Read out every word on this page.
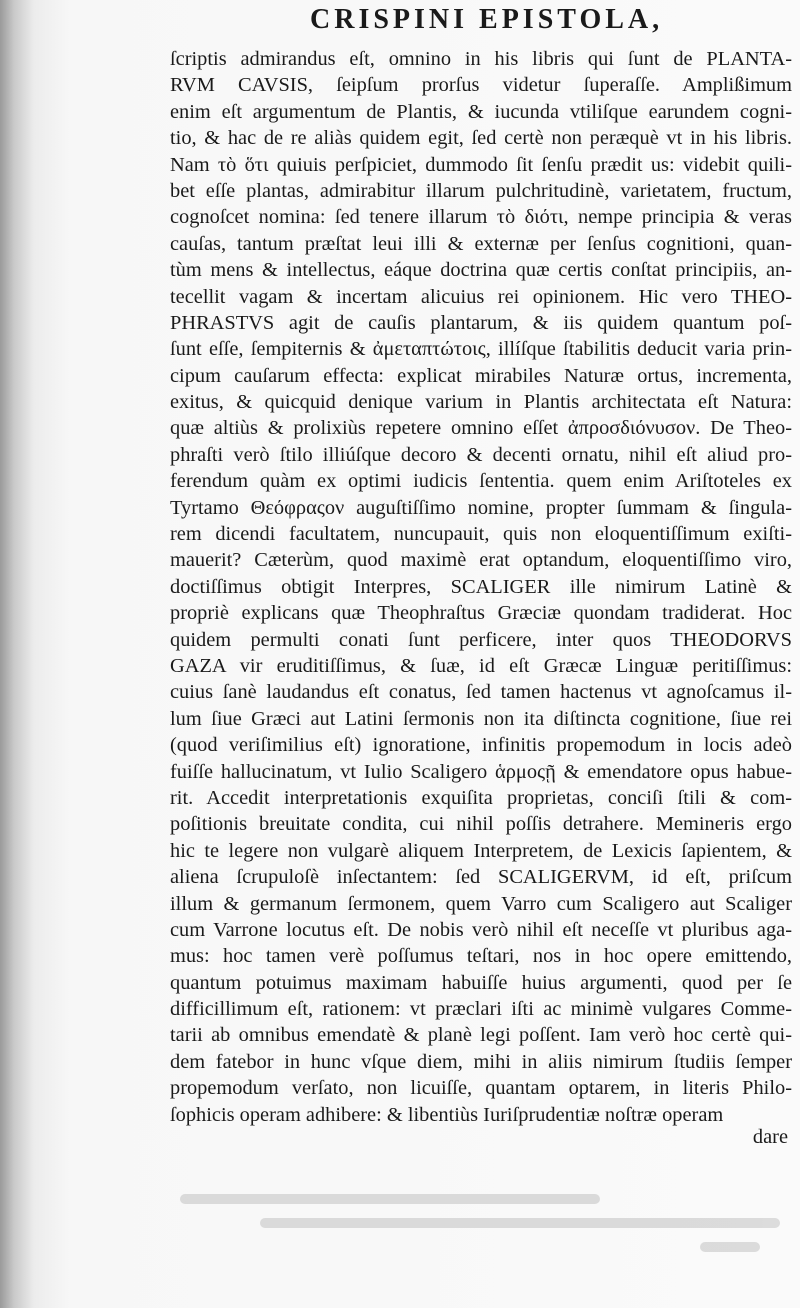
CRISPINI EPISTOLA,
ſcriptis admirandus eſt, omnino in his libris qui ſunt de PLANTA-
RVM CAVSIS, ſeipſum prorſus videtur ſuperaſſe. Amplißimum
enim eſt argumentum de Plantis, & iucunda vtiliſque earundem cogni-
tio, & hac de re aliàs quidem egit, ſed certè non peræquè vt in his libris.
Nam τὸ ὅτι quiuis perſpiciet, dummodo ſit ſenſu prædit us: videbit quili-
bet eſſe plantas, admirabitur illarum pulchritudinè, varietatem, fructum,
cognoſcet nomina: ſed tenere illarum τὸ διότι, nempe principia & veras
cauſas, tantum præſtat leui illi & externæ per ſenſus cognitioni, quan-
tùm mens & intellectus, eáque doctrina quæ certis conſtat principiis, an-
tecellit vagam & incertam alicuius rei opinionem. Hic vero THEO-
PHRASTVS agit de cauſis plantarum, & iis quidem quantum poſ-
ſunt eſſe, ſempiternis & ἀμεταπτώτοις, illíſque ſtabilitis deducit varia prin-
cipum cauſarum effecta: explicat mirabiles Naturæ ortus, incrementa,
exitus, & quicquid denique varium in Plantis architectata eſt Natura:
quæ altiùs & prolixiùs repetere omnino eſſet ἀπροσδιόνυσον. De Theo-
phraſti verò ſtilo illiúſque decoro & decenti ornatu, nihil eſt aliud pro-
ferendum quàm ex optimi iudicis ſententia. quem enim Ariſtoteles ex
Tyrtamo Θεόφραςον auguſtiſſimo nomine, propter ſummam & ſingula-
rem dicendi facultatem, nuncupauit, quis non eloquentiſſimum exiſti-
mauerit? Cæterùm, quod maximè erat optandum, eloquentiſſimo viro,
doctiſſimus obtigit Interpres, SCALIGER ille nimirum Latinè &
propriè explicans quæ Theophraſtus Græciæ quondam tradiderat. Hoc
quidem permulti conati ſunt perficere, inter quos THEODORVS
GAZA vir eruditiſſimus, & ſuæ, id eſt Græcæ Linguæ peritiſſimus:
cuius ſanè laudandus eſt conatus, ſed tamen hactenus vt agnoſcamus il-
lum ſiue Græci aut Latini ſermonis non ita diſtincta cognitione, ſiue rei
(quod veriſimilius eſt) ignoratione, infinitis propemodum in locis adeò
fuiſſe hallucinatum, vt Iulio Scaligero ἁρμοςῇ & emendatore opus habue-
rit. Accedit interpretationis exquiſita proprietas, conciſi ſtili & com-
poſitionis breuitate condita, cui nihil poſſis detrahere. Memineris ergo
hic te legere non vulgarè aliquem Interpretem, de Lexicis ſapientem, &
aliena ſcrupuloſè inſectantem: ſed SCALIGERVM, id eſt, priſcum
illum & germanum ſermonem, quem Varro cum Scaligero aut Scaliger
cum Varrone locutus eſt. De nobis verò nihil eſt neceſſe vt pluribus aga-
mus: hoc tamen verè poſſumus teſtari, nos in hoc opere emittendo,
quantum potuimus maximam habuiſſe huius argumenti, quod per ſe
difficillimum eſt, rationem: vt præclari iſti ac minimè vulgares Comme-
tarii ab omnibus emendatè & planè legi poſſent. Iam verò hoc certè qui-
dem fatebor in hunc vſque diem, mihi in aliis nimirum ſtudiis ſemper
propemodum verſato, non licuiſſe, quantam optarem, in literis Philo-
ſophicis operam adhibere: & libentiùs Iuriſprudentiæ noſtræ operam
dare
